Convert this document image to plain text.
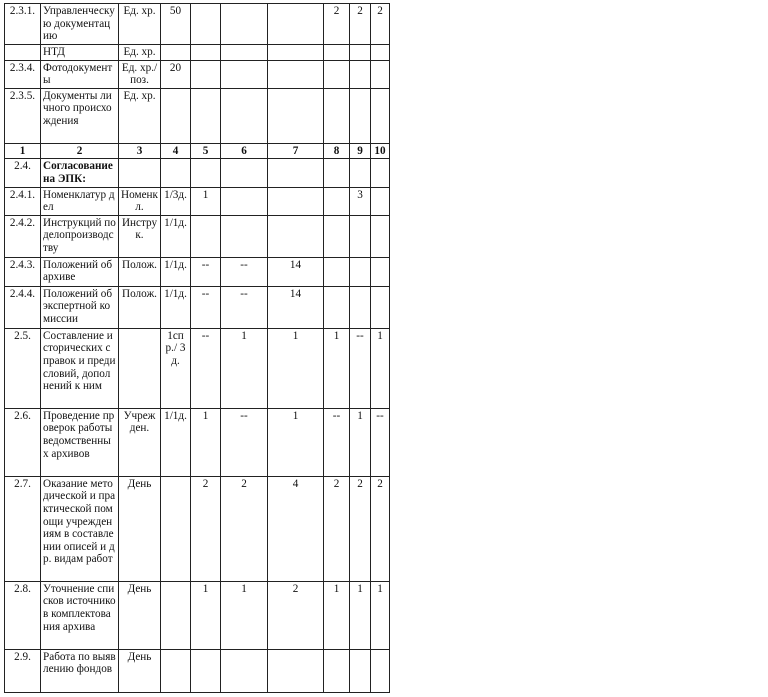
2.3.1.	Управленческую документацию	Ед. хр.	50				2	2	2
	НТД	Ед. хр.							
2.3.4.	Фотодокументы	Ед. хр./поз.	20						
2.3.5.	Документы личного происхождения	Ед. хр.							
1	2	3	4	5	6	7	8	9	10
2.4.	Согласование на ЭПК:								
2.4.1.	Номенклатур дел	Номенкл.	1/3д.	1				3	
2.4.2.	Инструкций по делопроизводству	Инструк.	1/1д.						
2.4.3.	Положений об архиве	Полож.	1/1д.	--	--	14			
2.4.4.	Положений об экспертной комиссии	Полож.	1/1д.	--	--	14			
2.5.	Составление исторических справок и предисловий, дополнений к ним		1спр./ 3 д.	--	1	1	1	--	1
2.6.	Проведение проверок работы ведомственных архивов	Учрежден.	1/1д.	1	--	1	--	1	--
2.7.	Оказание методической и практической помощи учреждениям в составлении описей и др. видам работ	День		2	2	4	2	2	2
2.8.	Уточнение списков источников комплектования архива	День		1	1	2	1	1	1
2.9.	Работа по выявлению фондов	День							
